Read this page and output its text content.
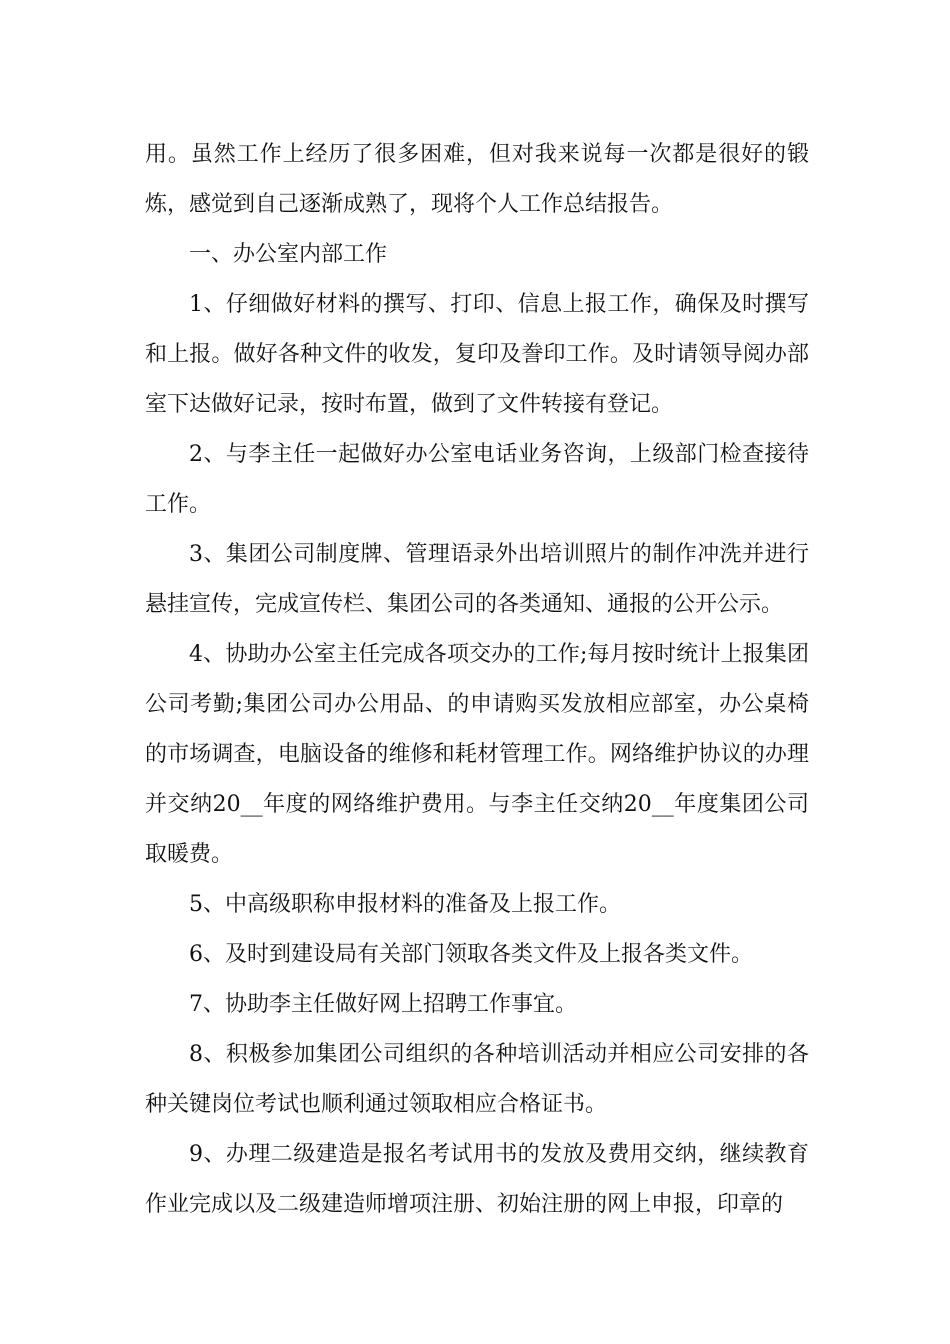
用。虽然工作上经历了很多困难，但对我来说每一次都是很好的锻炼，感觉到自己逐渐成熟了，现将个人工作总结报告。

一、办公室内部工作

1、仔细做好材料的撰写、打印、信息上报工作，确保及时撰写和上报。做好各种文件的收发，复印及誊印工作。及时请领导阅办部室下达做好记录，按时布置，做到了文件转接有登记。

2、与李主任一起做好办公室电话业务咨询，上级部门检查接待工作。

3、集团公司制度牌、管理语录外出培训照片的制作冲洗并进行悬挂宣传，完成宣传栏、集团公司的各类通知、通报的公开公示。

4、协助办公室主任完成各项交办的工作;每月按时统计上报集团公司考勤;集团公司办公用品、的申请购买发放相应部室，办公桌椅的市场调查，电脑设备的维修和耗材管理工作。网络维护协议的办理并交纳20__年度的网络维护费用。与李主任交纳20__年度集团公司取暖费。

5、中高级职称申报材料的准备及上报工作。

6、及时到建设局有关部门领取各类文件及上报各类文件。

7、协助李主任做好网上招聘工作事宜。

8、积极参加集团公司组织的各种培训活动并相应公司安排的各种关键岗位考试也顺利通过领取相应合格证书。

9、办理二级建造是报名考试用书的发放及费用交纳，继续教育作业完成以及二级建造师增项注册、初始注册的网上申报，印章的
